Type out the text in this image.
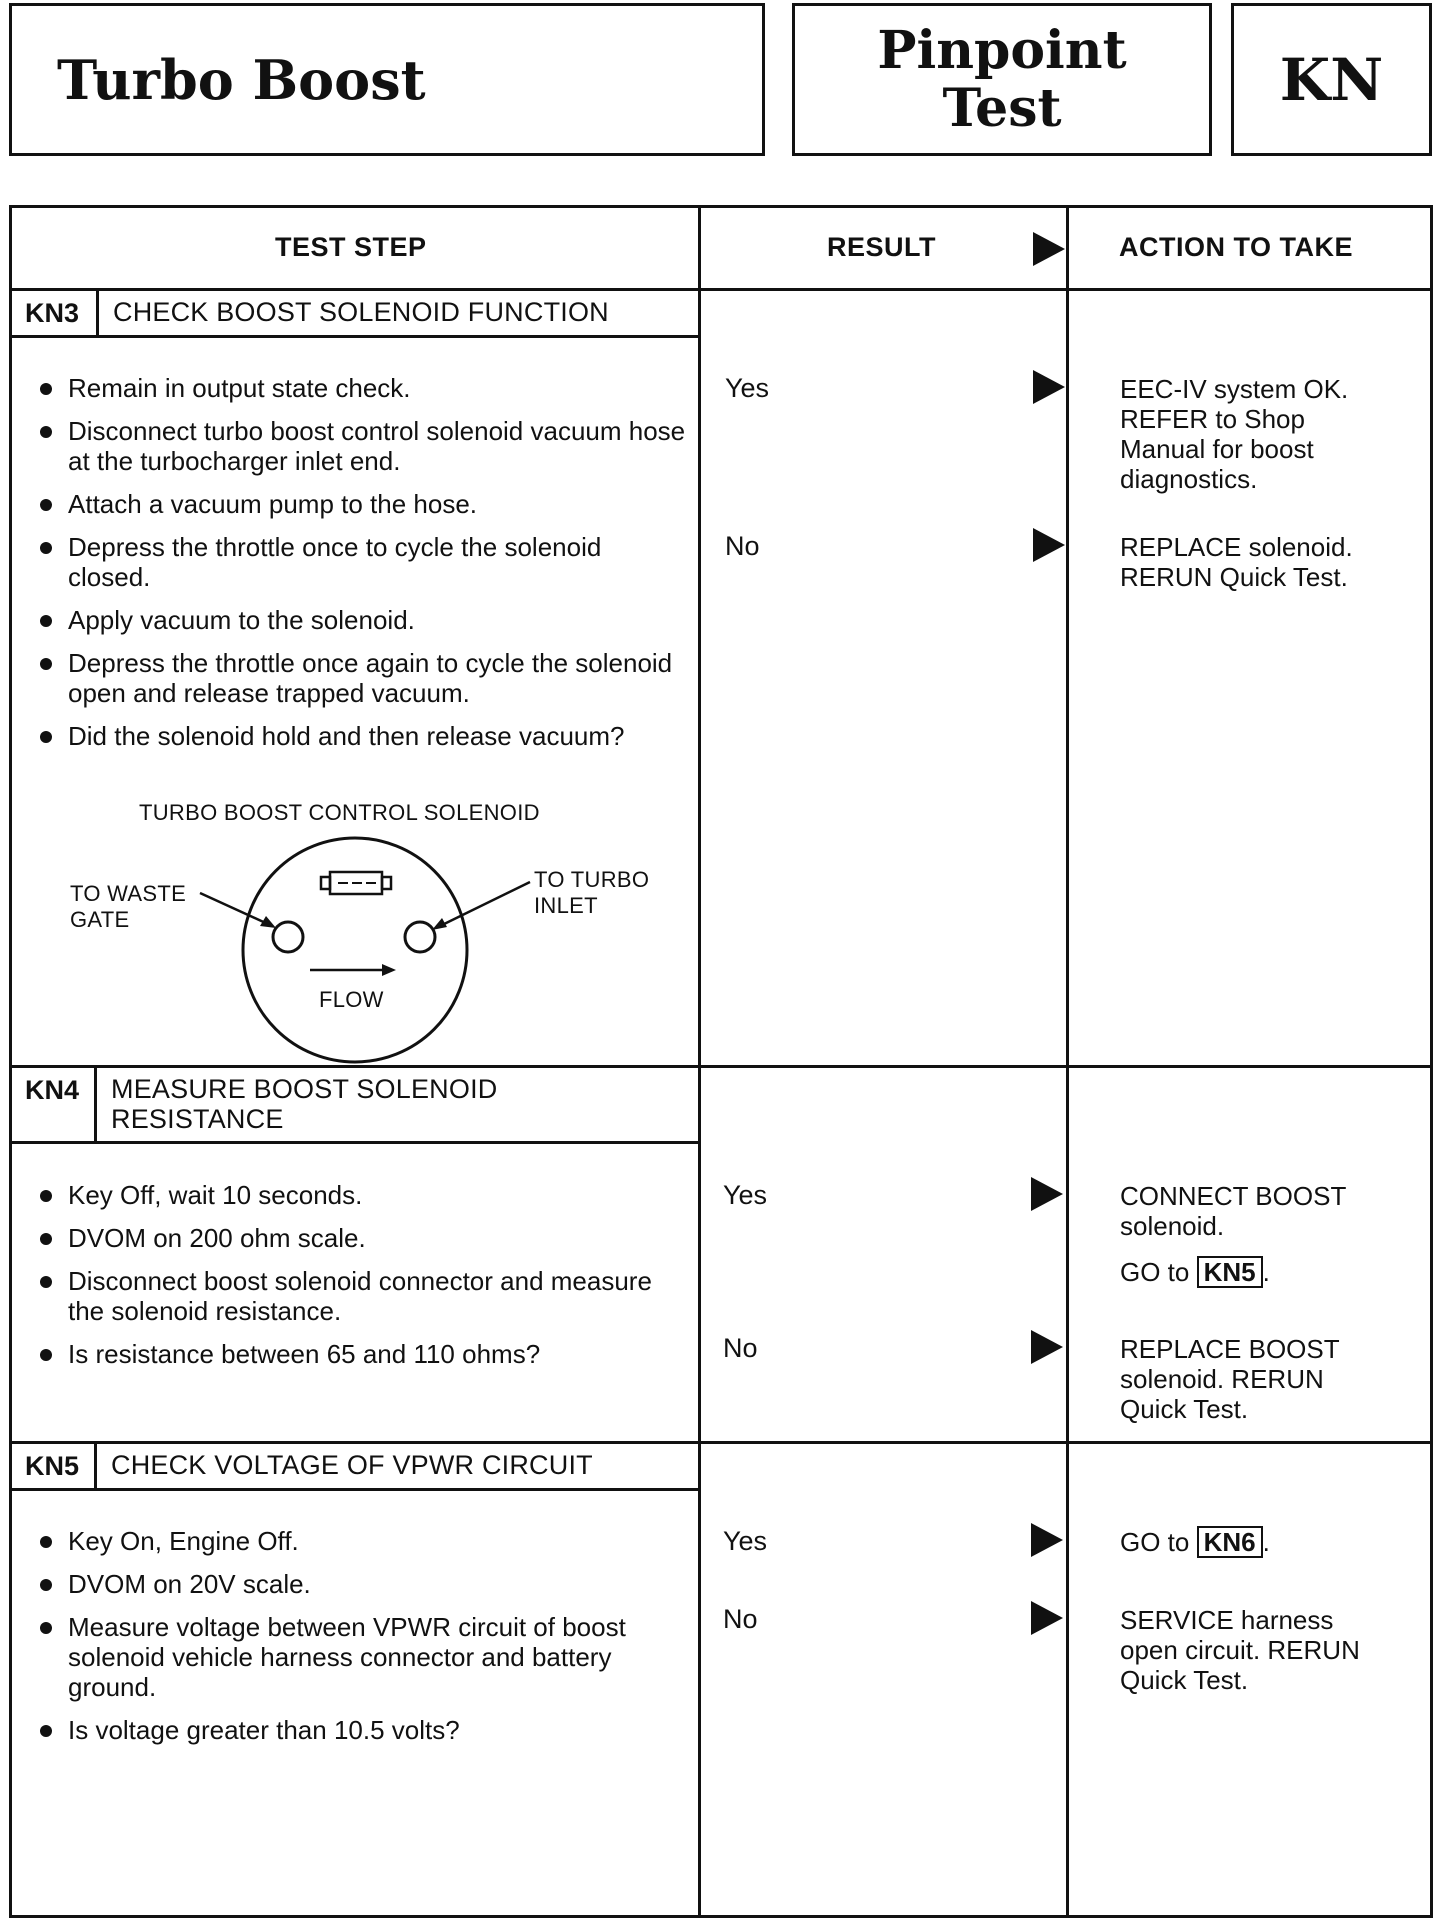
Turbo Boost	Pinpoint
Test	KN
TEST STEP	RESULT	ACTION TO TAKE
KN3 CHECK BOOST SOLENOID FUNCTION
Remain in output state check.
Disconnect turbo boost control solenoid vacuum hose at the turbocharger inlet end.
Attach a vacuum pump to the hose.
Depress the throttle once to cycle the solenoid closed.
Apply vacuum to the solenoid.
Depress the throttle once again to cycle the solenoid open and release trapped vacuum.
Did the solenoid hold and then release vacuum?
Yes	EEC-IV system OK.
REFER to Shop
Manual for boost
diagnostics.
No	REPLACE solenoid.
RERUN Quick Test.
TURBO BOOST CONTROL SOLENOID
TO WASTE
GATE
TO TURBO
INLET
FLOW
KN4 MEASURE BOOST SOLENOID
RESISTANCE
Key Off, wait 10 seconds.
DVOM on 200 ohm scale.
Disconnect boost solenoid connector and measure the solenoid resistance.
Is resistance between 65 and 110 ohms?
Yes	CONNECT BOOST
solenoid.
GO to KN5 .
No	REPLACE BOOST
solenoid. RERUN
Quick Test.
KN5 CHECK VOLTAGE OF VPWR CIRCUIT
Key On, Engine Off.
DVOM on 20V scale.
Measure voltage between VPWR circuit of boost solenoid vehicle harness connector and battery ground.
Is voltage greater than 10.5 volts?
Yes	GO to KN6 .
No	SERVICE harness
open circuit. RERUN
Quick Test.
